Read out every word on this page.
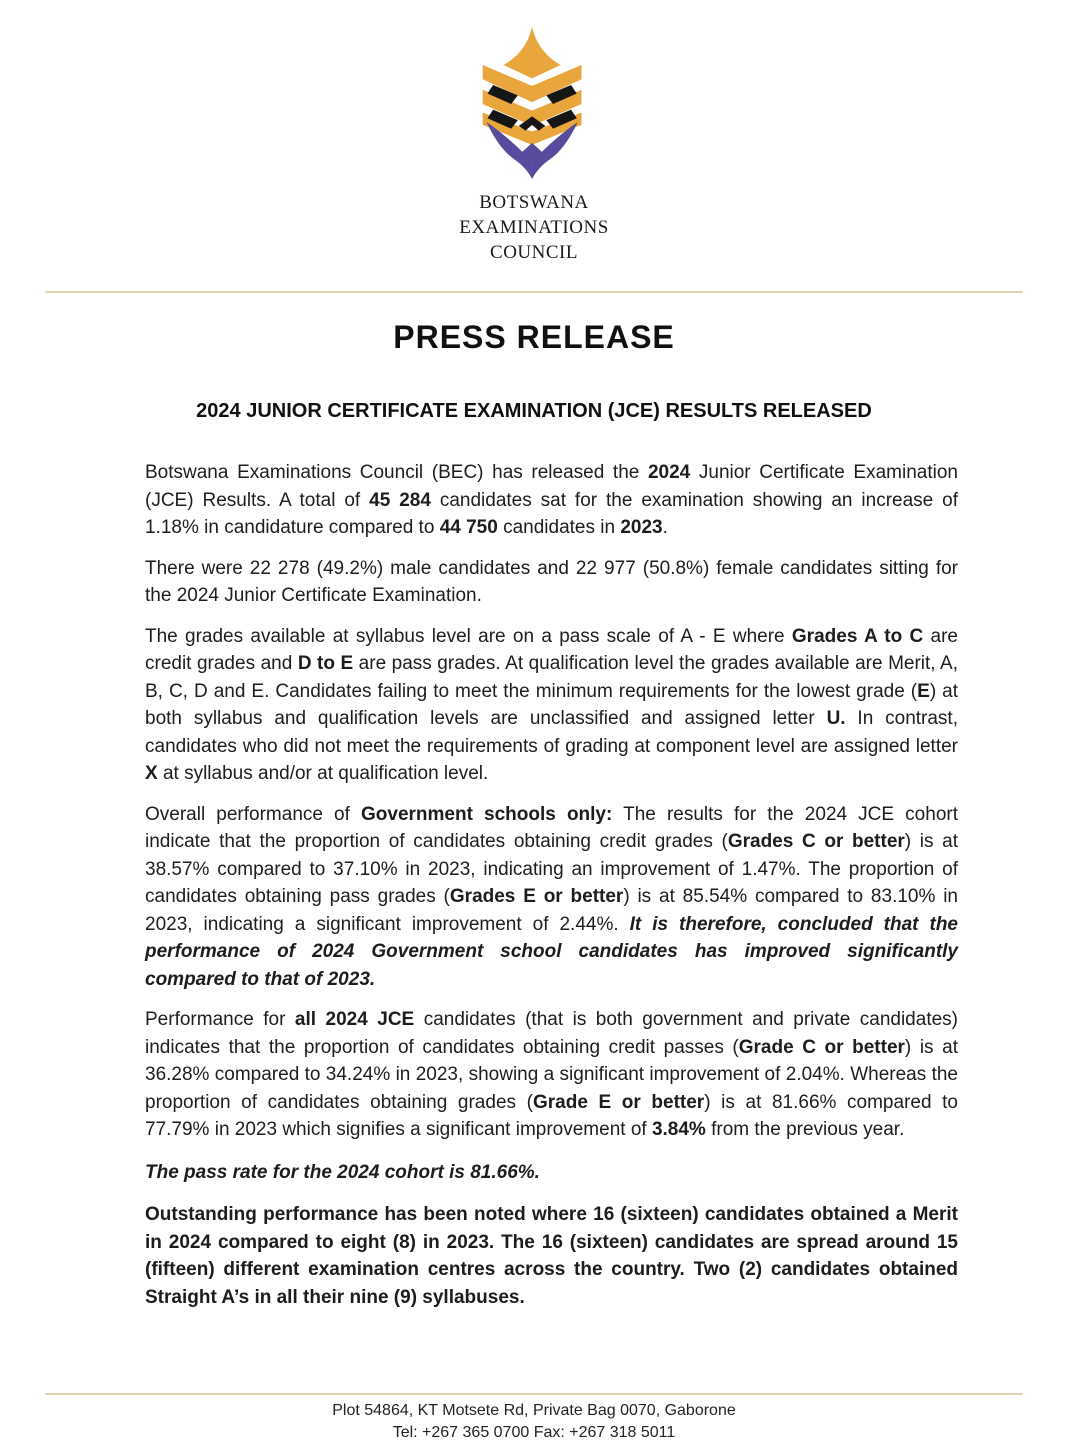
BOTSWANA
EXAMINATIONS
COUNCIL
PRESS RELEASE
2024 JUNIOR CERTIFICATE EXAMINATION (JCE) RESULTS RELEASED

Botswana Examinations Council (BEC) has released the 2024 Junior Certificate Examination (JCE) Results. A total of 45 284 candidates sat for the examination showing an increase of 1.18% in candidature compared to 44 750 candidates in 2023.

There were 22 278 (49.2%) male candidates and 22 977 (50.8%) female candidates sitting for the 2024 Junior Certificate Examination.

The grades available at syllabus level are on a pass scale of A - E where Grades A to C are credit grades and D to E are pass grades. At qualification level the grades available are Merit, A, B, C, D and E. Candidates failing to meet the minimum requirements for the lowest grade (E) at both syllabus and qualification levels are unclassified and assigned letter U. In contrast, candidates who did not meet the requirements of grading at component level are assigned letter X at syllabus and/or at qualification level.

Overall performance of Government schools only: The results for the 2024 JCE cohort indicate that the proportion of candidates obtaining credit grades (Grades C or better) is at 38.57% compared to 37.10% in 2023, indicating an improvement of 1.47%. The proportion of candidates obtaining pass grades (Grades E or better) is at 85.54% compared to 83.10% in 2023, indicating a significant improvement of 2.44%. It is therefore, concluded that the performance of 2024 Government school candidates has improved significantly compared to that of 2023.

Performance for all 2024 JCE candidates (that is both government and private candidates) indicates that the proportion of candidates obtaining credit passes (Grade C or better) is at 36.28% compared to 34.24% in 2023, showing a significant improvement of 2.04%. Whereas the proportion of candidates obtaining grades (Grade E or better) is at 81.66% compared to 77.79% in 2023 which signifies a significant improvement of 3.84% from the previous year.

The pass rate for the 2024 cohort is 81.66%.

Outstanding performance has been noted where 16 (sixteen) candidates obtained a Merit in 2024 compared to eight (8) in 2023. The 16 (sixteen) candidates are spread around 15 (fifteen) different examination centres across the country. Two (2) candidates obtained Straight A’s in all their nine (9) syllabuses.

Plot 54864, KT Motsete Rd, Private Bag 0070, Gaborone
Tel: +267 365 0700 Fax: +267 318 5011
